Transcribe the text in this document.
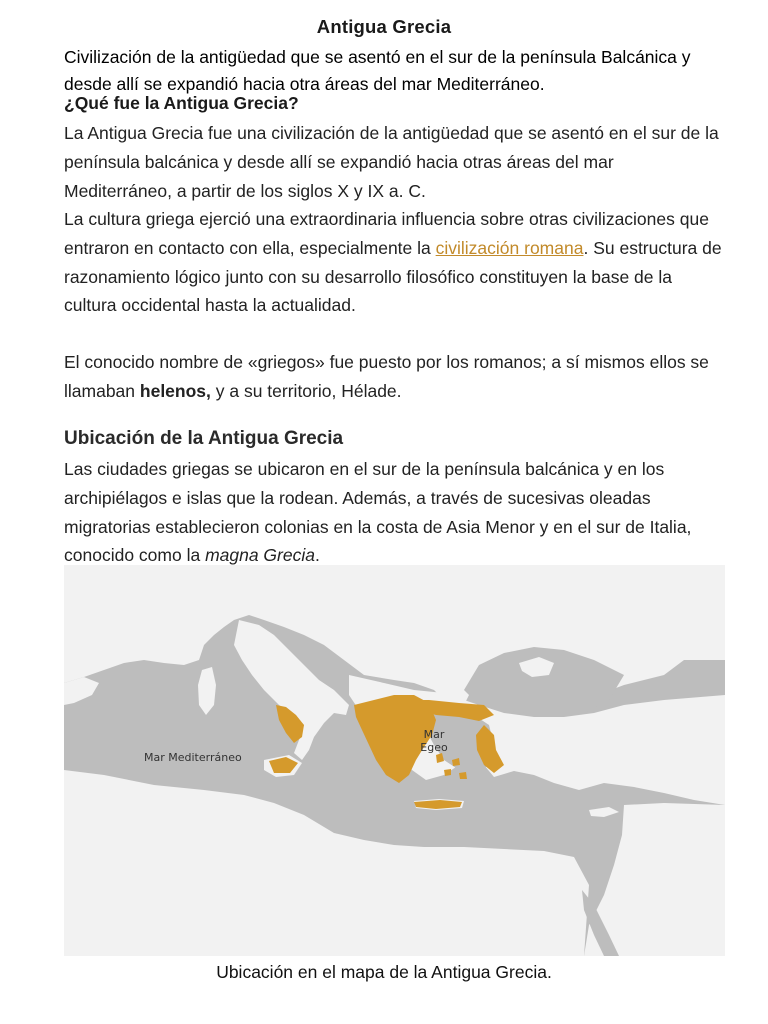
Antigua Grecia
Civilización de la antigüedad que se asentó en el sur de la península Balcánica y desde allí se expandió hacia otra áreas del mar Mediterráneo.
¿Qué fue la Antigua Grecia?

La Antigua Grecia fue una civilización de la antigüedad que se asentó en el sur de la península balcánica y desde allí se expandió hacia otras áreas del mar Mediterráneo, a partir de los siglos X y IX a. C.

La cultura griega ejerció una extraordinaria influencia sobre otras civilizaciones que entraron en contacto con ella, especialmente la civilización romana. Su estructura de razonamiento lógico junto con su desarrollo filosófico constituyen la base de la cultura occidental hasta la actualidad.

El conocido nombre de «griegos» fue puesto por los romanos; a sí mismos ellos se llamaban helenos, y a su territorio, Hélade.

Ubicación de la Antigua Grecia

Las ciudades griegas se ubicaron en el sur de la península balcánica y en los archipiélagos e islas que la rodean. Además, a través de sucesivas oleadas migratorias establecieron colonias en la costa de Asia Menor y en el sur de Italia, conocido como la magna Grecia.

Mar Mediterráneo
Mar
Egeo
Ubicación en el mapa de la Antigua Grecia.
